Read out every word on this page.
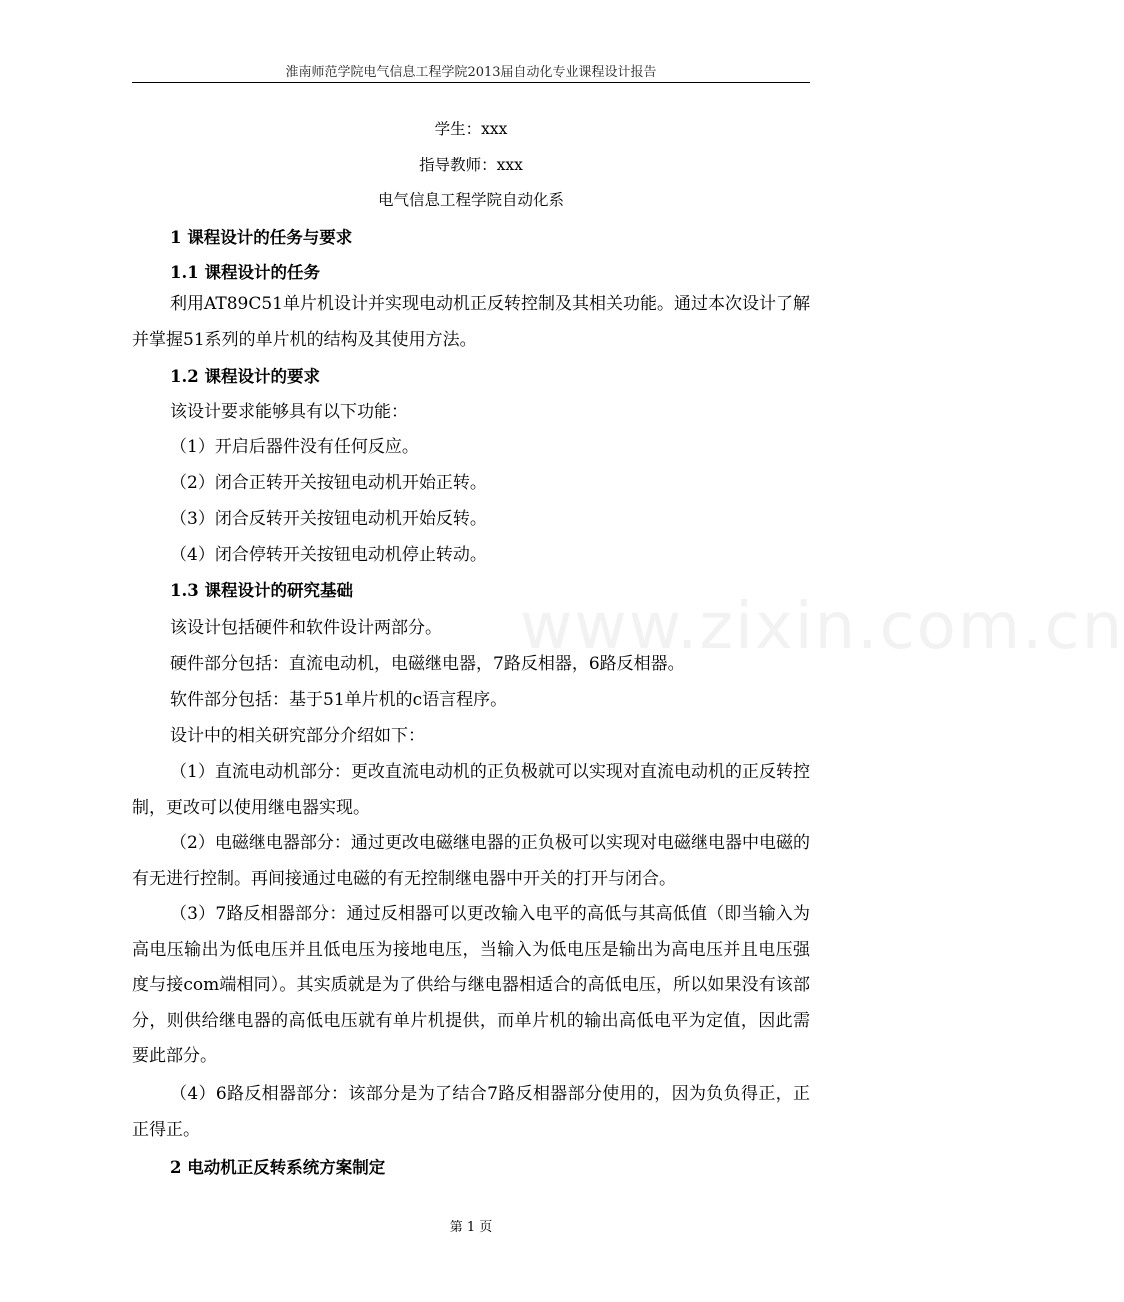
淮南师范学院电气信息工程学院2013届自动化专业课程设计报告
学生：xxx
指导教师：xxx
电气信息工程学院自动化系
1 课程设计的任务与要求
1.1 课程设计的任务
利用AT89C51单片机设计并实现电动机正反转控制及其相关功能。通过本次设计了解并掌握51系列的单片机的结构及其使用方法。
1.2 课程设计的要求
该设计要求能够具有以下功能：
（1）开启后器件没有任何反应。
（2）闭合正转开关按钮电动机开始正转。
（3）闭合反转开关按钮电动机开始反转。
（4）闭合停转开关按钮电动机停止转动。
1.3 课程设计的研究基础
该设计包括硬件和软件设计两部分。
硬件部分包括：直流电动机，电磁继电器，7路反相器，6路反相器。
软件部分包括：基于51单片机的c语言程序。
设计中的相关研究部分介绍如下：
（1）直流电动机部分：更改直流电动机的正负极就可以实现对直流电动机的正反转控制，更改可以使用继电器实现。
（2）电磁继电器部分：通过更改电磁继电器的正负极可以实现对电磁继电器中电磁的有无进行控制。再间接通过电磁的有无控制继电器中开关的打开与闭合。
（3）7路反相器部分：通过反相器可以更改输入电平的高低与其高低值（即当输入为高电压输出为低电压并且低电压为接地电压，当输入为低电压是输出为高电压并且电压强度与接com端相同）。其实质就是为了供给与继电器相适合的高低电压，所以如果没有该部分，则供给继电器的高低电压就有单片机提供，而单片机的输出高低电平为定值，因此需要此部分。
（4）6路反相器部分：该部分是为了结合7路反相器部分使用的，因为负负得正，正正得正。
2 电动机正反转系统方案制定
www.zixin.com.cn
第 1 页
